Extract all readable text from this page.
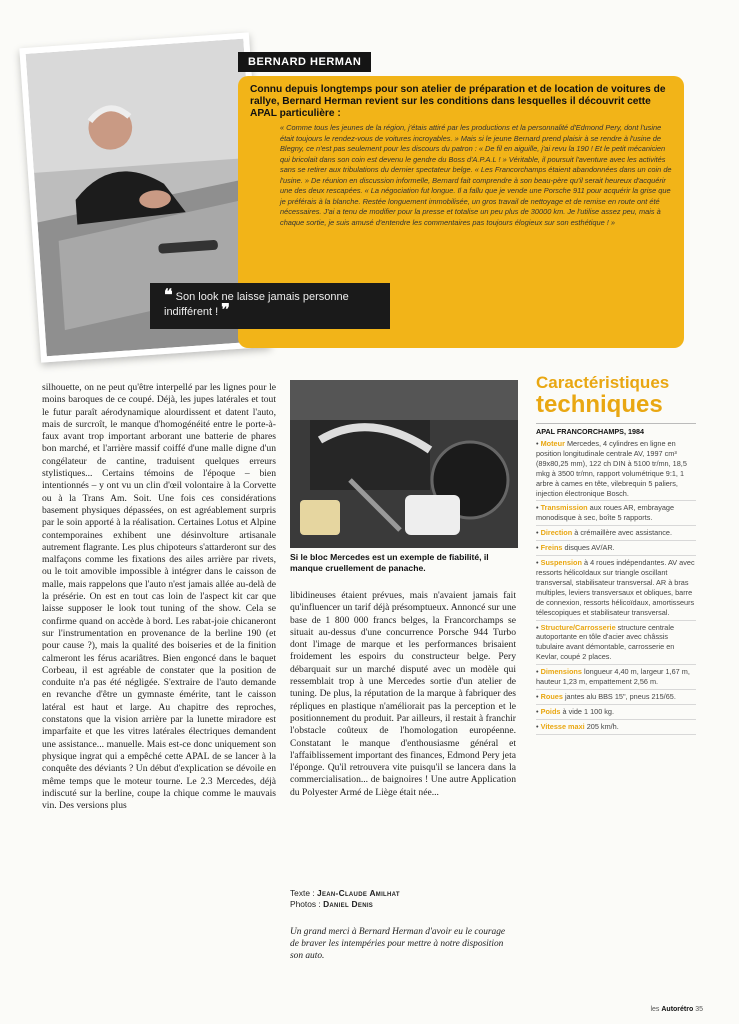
BERNARD HERMAN

Connu depuis longtemps pour son atelier de préparation et de location de voitures de rallye, Bernard Herman revient sur les conditions dans lesquelles il découvrit cette APAL particulière :

« Comme tous les jeunes de la région, j'étais attiré par les productions et la personnalité d'Edmond Pery, dont l'usine était toujours le rendez-vous de voitures incroyables. » Mais si le jeune Bernard prend plaisir à se rendre à l'usine de Blegny, ce n'est pas seulement pour les discours du patron : « De fil en aiguille, j'ai revu la 190 ! Et le petit mécanicien qui bricolait dans son coin est devenu le gendre du Boss d'A.P.A.L ! » Véritable, il poursuit l'aventure avec les activités sans se retirer aux tribulations du dernier spectateur belge. « Les Francorchamps étaient abandonnées dans un coin de l'usine. » De réunion en discussion informelle, Bernard fait comprendre à son beau-père qu'il serait heureux d'acquérir une des deux rescapées. « La négociation fut longue. Il a fallu que je vende une Porsche 911 pour acquérir la grise que je préférais à la blanche. Restée longuement immobilisée, un gros travail de nettoyage et de remise en route ont été nécessaires. J'ai a tenu de modifier pour la presse et totalise un peu plus de 30000 km. Je l'utilise assez peu, mais à chaque sortie, je suis amusé d'entendre les commentaires pas toujours élogieux sur son esthétique ! »

❝ Son look ne laisse jamais personne indifférent ! ❞
silhouette, on ne peut qu'être interpellé par les lignes pour le moins baroques de ce coupé. Déjà, les jupes latérales et tout le futur paraît aérodynamique alourdissent et datent l'auto, mais de surcroît, le manque d'homogénéité entre le porte-à-faux avant trop important arborant une batterie de phares bon marché, et l'arrière massif coiffé d'une malle digne d'un congélateur de cantine, traduisent quelques erreurs stylistiques... Certains témoins de l'époque – bien intentionnés – y ont vu un clin d'œil volontaire à la Corvette ou à la Trans Am. Soit. Une fois ces considérations basement physiques dépassées, on est agréablement surpris par le soin apporté à la réalisation. Certaines Lotus et Alpine contemporaines exhibent une désinvolture artisanale autrement flagrante. Les plus chipoteurs s'attarderont sur des malfaçons comme les fixations des ailes arrière par rivets, ou le toit amovible impossible à intégrer dans le caisson de malle, mais rappelons que l'auto n'est jamais allée au-delà de la présérie. On est en tout cas loin de l'aspect kit car que laisse supposer le look tout tuning of the show. Cela se confirme quand on accède à bord. Les rabat-joie chicaneront sur l'instrumentation en provenance de la berline 190 (et pour cause ?), mais la qualité des boiseries et de la finition calmeront les férus acariâtres. Bien engoncé dans le baquet Corbeau, il est agréable de constater que la position de conduite n'a pas été négligée. S'extraire de l'auto demande en revanche d'être un gymnaste émérite, tant le caisson latéral est haut et large. Au chapitre des reproches, constatons que la vision arrière par la lunette miradore est imparfaite et que les vitres latérales électriques demandent une assistance... manuelle. Mais est-ce donc uniquement son physique ingrat qui a empêché cette APAL de se lancer à la conquête des déviants ? Un début d'explication se dévoile en même temps que le moteur tourne. Le 2.3 Mercedes, déjà indiscuté sur la berline, coupe la chique comme le mauvais vin. Des versions plus
Si le bloc Mercedes est un exemple de fiabilité, il manque cruellement de panache.
libidineuses étaient prévues, mais n'avaient jamais fait qu'influencer un tarif déjà présomptueux. Annoncé sur une base de 1 800 000 francs belges, la Francorchamps se situait au-dessus d'une concurrence Porsche 944 Turbo dont l'image de marque et les performances brisaient froidement les espoirs du constructeur belge. Pery débarquait sur un marché disputé avec un modèle qui ressemblait trop à une Mercedes sortie d'un atelier de tuning. De plus, la réputation de la marque à fabriquer des répliques en plastique n'améliorait pas la perception et le positionnement du produit. Par ailleurs, il restait à franchir l'obstacle coûteux de l'homologation européenne. Constatant le manque d'enthousiasme général et l'affaiblissement important des finances, Edmond Pery jeta l'éponge. Qu'il retrouvera vite puisqu'il se lancera dans la commercialisation... de baignoires ! Une autre Application du Polyester Armé de Liège était née...
Texte : Jean-Claude Amilhat
Photos : Daniel Denis
Un grand merci à Bernard Herman d'avoir eu le courage de braver les intempéries pour mettre à notre disposition son auto.
Caractéristiques
techniques
APAL FRANCORCHAMPS, 1984
• Moteur Mercedes, 4 cylindres en ligne en position longitudinale centrale AV, 1997 cm³ (89x80,25 mm), 122 ch DIN à 5100 tr/mn, 18,5 mkg à 3500 tr/mn, rapport volumétrique 9:1, 1 arbre à cames en tête, vilebrequin 5 paliers, injection électronique Bosch.
• Transmission aux roues AR, embrayage monodisque à sec, boîte 5 rapports.
• Direction à crémaillère avec assistance.
• Freins disques AV/AR.
• Suspension à 4 roues indépendantes. AV avec ressorts hélicoïdaux sur triangle oscillant transversal, stabilisateur transversal. AR à bras multiples, leviers transversaux et obliques, barre de connexion, ressorts hélicoïdaux, amortisseurs télescopiques et stabilisateur transversal.
• Structure/Carrosserie structure centrale autoportante en tôle d'acier avec châssis tubulaire avant démontable, carrosserie en Kevlar, coupé 2 places.
• Dimensions longueur 4,40 m, largeur 1,67 m, hauteur 1,23 m, empattement 2,56 m.
• Roues jantes alu BBS 15", pneus 215/65.
• Poids à vide 1 100 kg.
• Vitesse maxi 205 km/h.
les Autorétro 35
